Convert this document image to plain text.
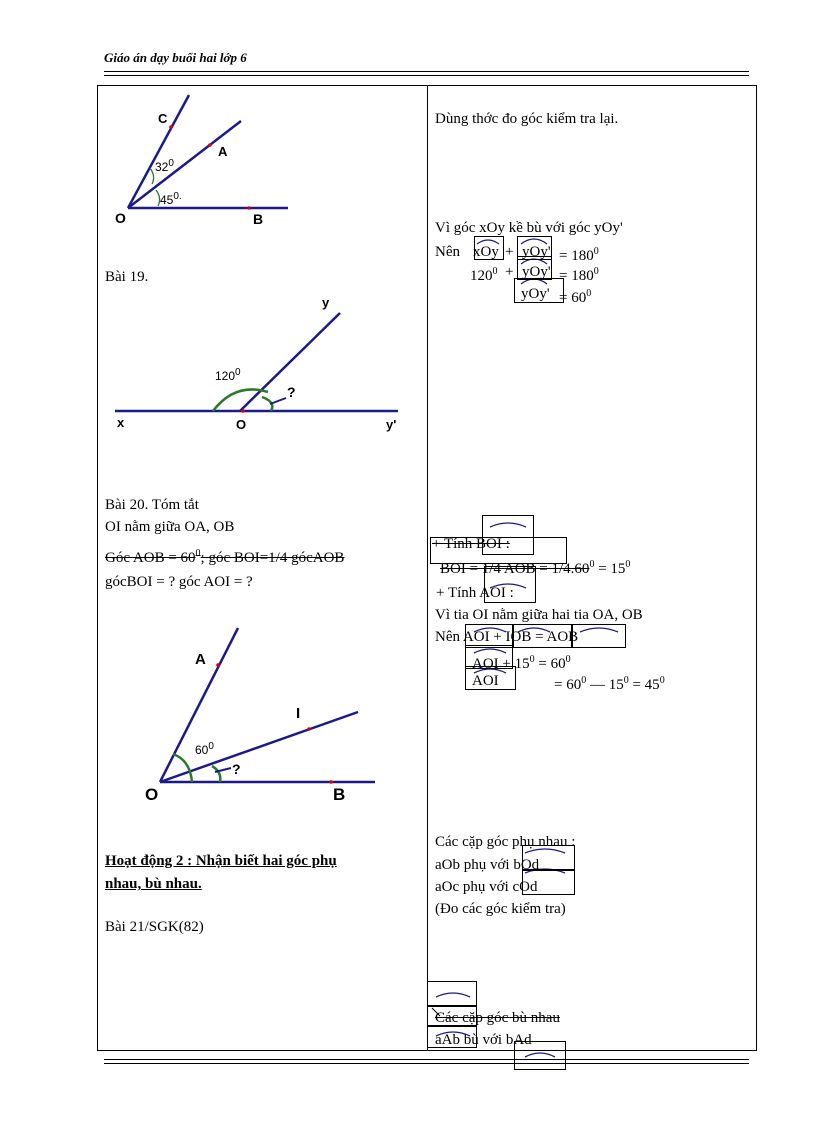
Giáo án dạy buổi hai lớp 6
C
A
O	B
$32^0$
$45^{0.}$
Bài 19.
y
x	O	y'
$120^0$
?
Bài 20. Tóm tắt
OI nằm giữa OA, OB
Góc AOB = $60^0$; góc BOI=1/4 gócAOB
gócBOI = ? góc AOI = ?
A
I
O	B
$60^0$
?
Hoạt động 2 : Nhận biết hai góc phụ
nhau, bù nhau.
Bài 21/SGK(82)
Dùng thớc đo góc kiểm tra lại.
Vì góc xOy kề bù với góc yOy'
Nên xOy + $yOy' = 180^0$
$120^0 + yOy' = 180^0$
$yOy' = 60^0$
+ Tính BOI :
BOI = 1/4 AOB = $1/4.60^0 = 15^0$
+ Tính AOI :
Vì tia OI nằm giữa hai tia OA, OB
Nên AOI + IOB = AOB
AOI + $15^0 = 60^0$
AOI	= $60^0$ — $15^0 = 45^0$
Các cặp góc phụ nhau :
aOb phụ với bOd
aOc phụ với cOd
(Đo các góc kiểm tra)
Các cặp góc bù nhau
aAb bù với bAd
